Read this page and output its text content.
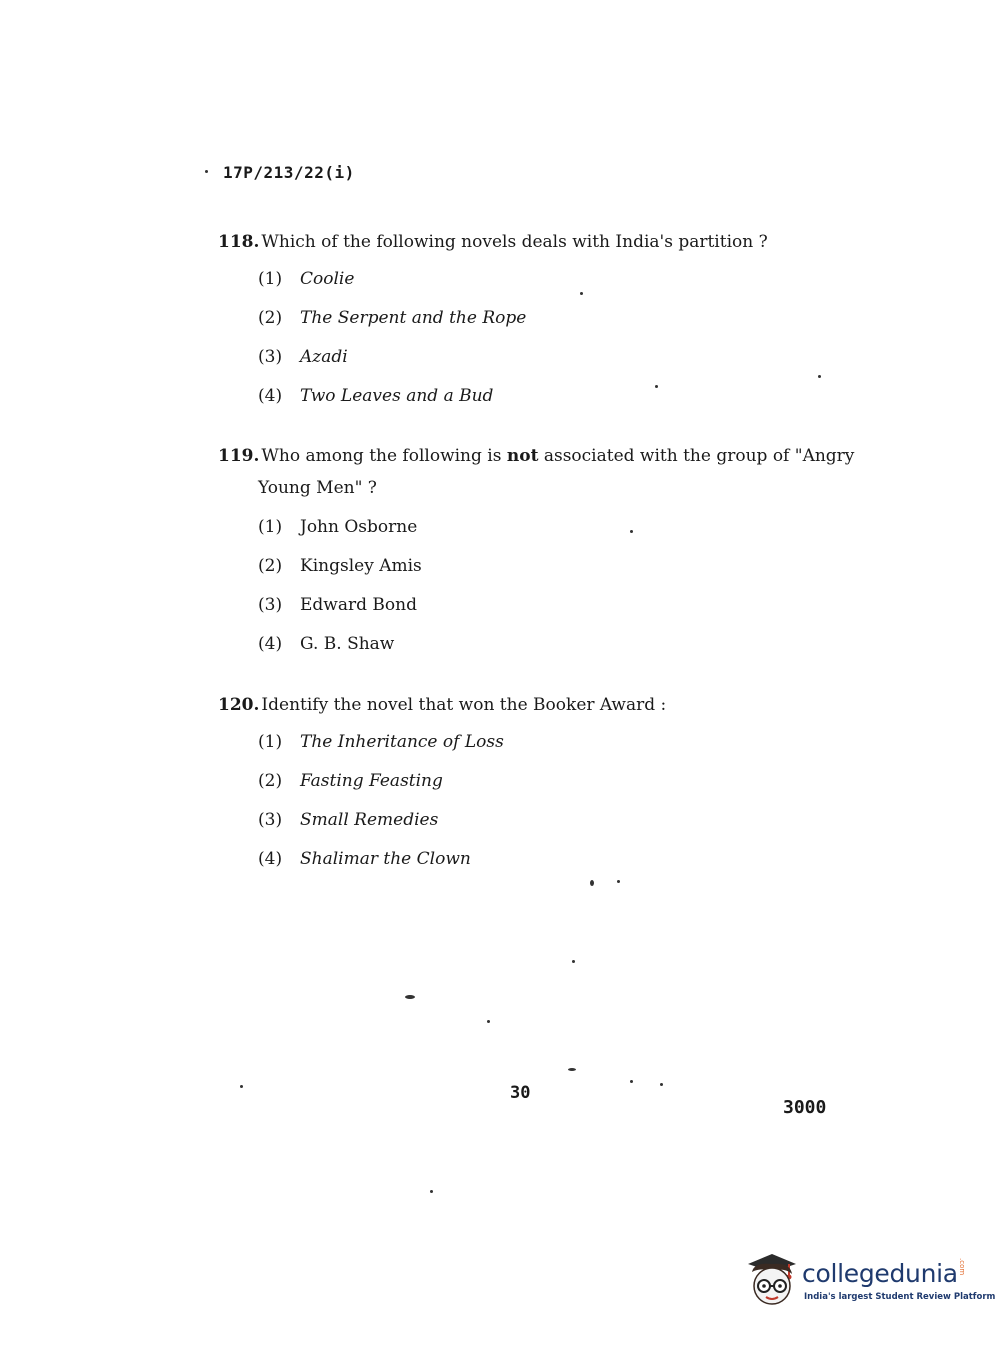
17P/213/22(i)

118. Which of the following novels deals with India's partition ?

(1)	Coolie
(2)	The Serpent and the Rope
(3)	Azadi
(4)	Two Leaves and a Bud

119. Who among the following is not associated with the group of "Angry
Young Men" ?

(1)	John Osborne
(2)	Kingsley Amis
(3)	Edward Bond
(4)	G. B. Shaw

120. Identify the novel that won the Booker Award :

(1)	The Inheritance of Loss
(2)	Fasting Feasting
(3)	Small Remedies
(4)	Shalimar the Clown
30
3000
collegedunia .com
India's largest Student Review Platform
